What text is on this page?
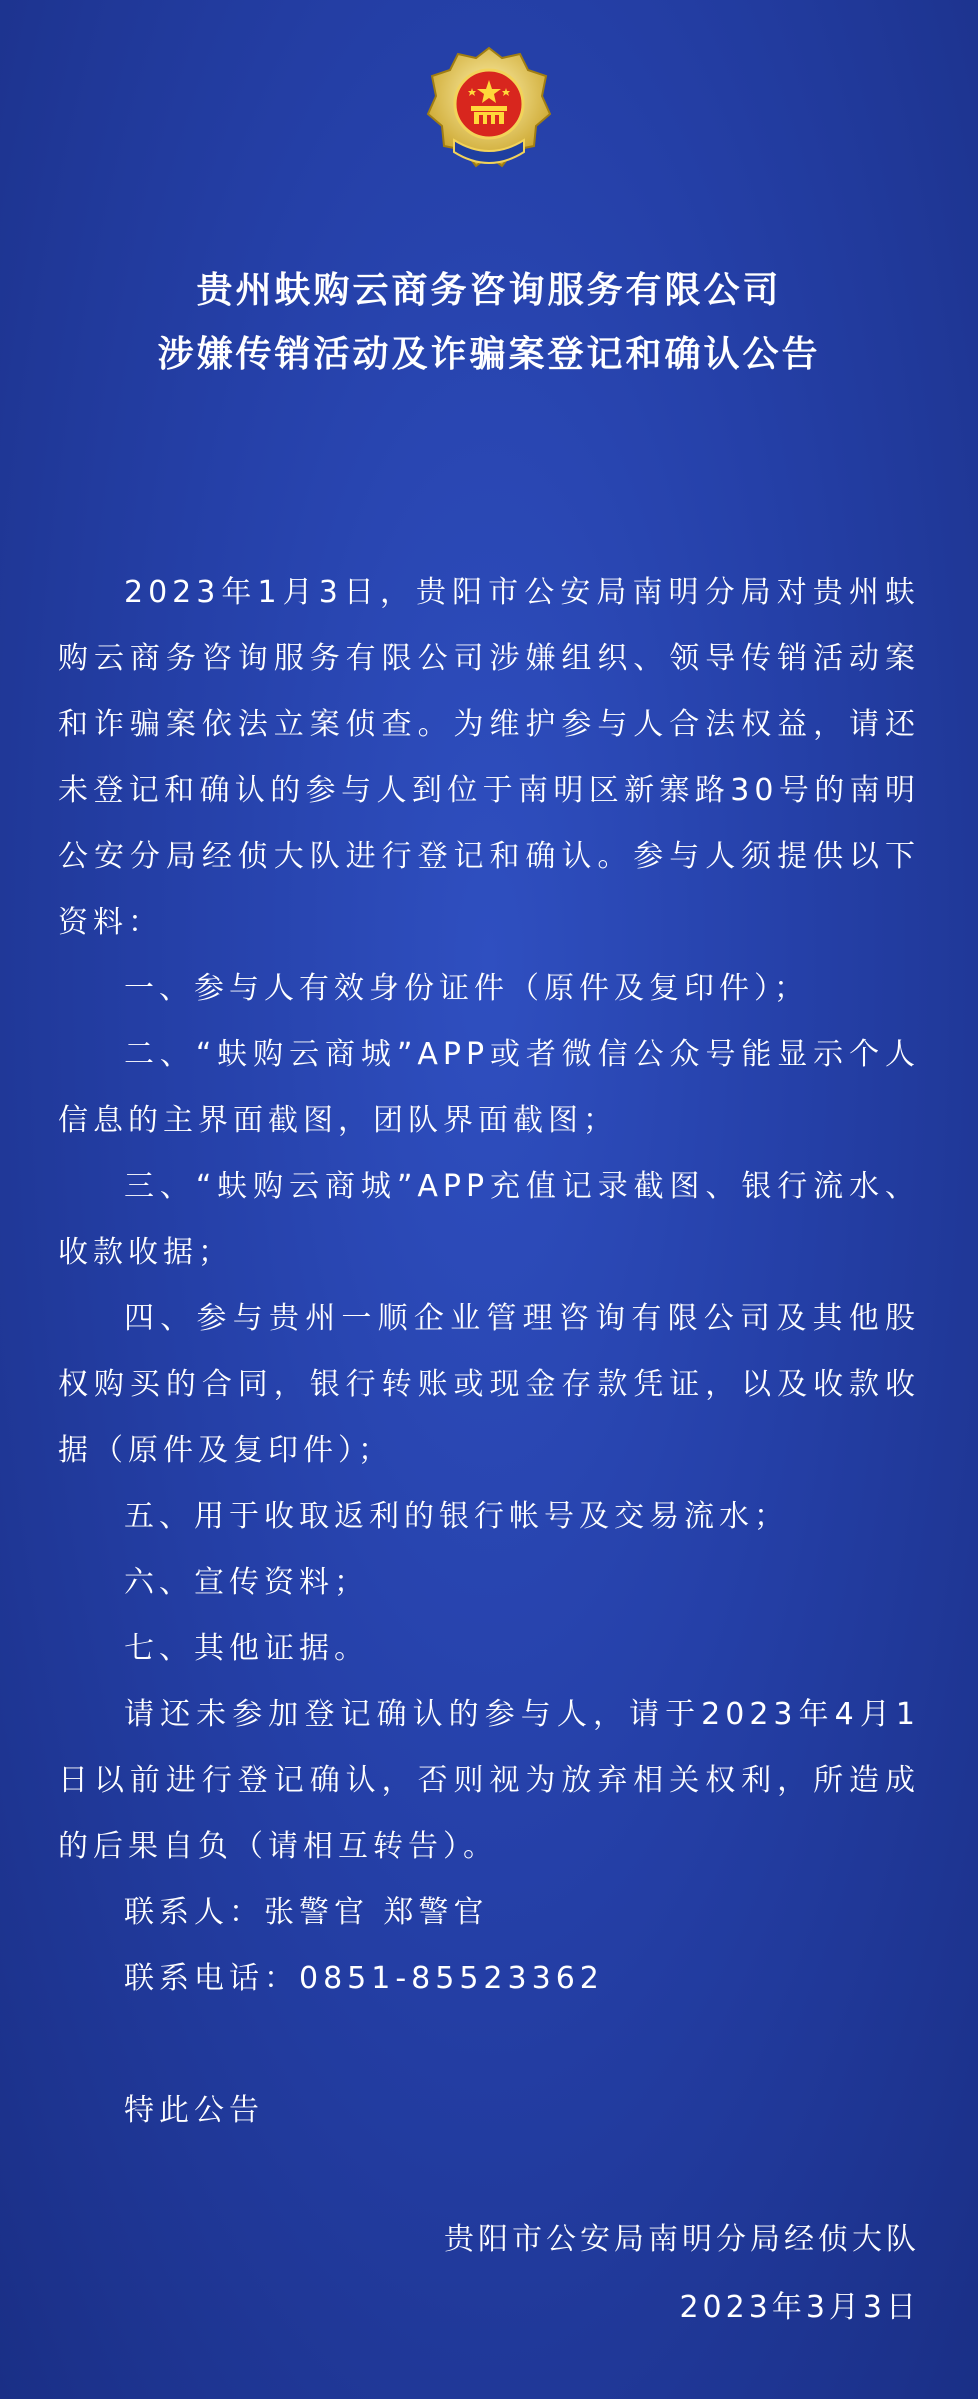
贵州蚨购云商务咨询服务有限公司
涉嫌传销活动及诈骗案登记和确认公告

2023年1月3日，贵阳市公安局南明分局对贵州蚨购云商务咨询服务有限公司涉嫌组织、领导传销活动案和诈骗案依法立案侦查。为维护参与人合法权益，请还未登记和确认的参与人到位于南明区新寨路30号的南明公安分局经侦大队进行登记和确认。参与人须提供以下资料：

一、参与人有效身份证件（原件及复印件）；

二、“蚨购云商城”APP或者微信公众号能显示个人信息的主界面截图，团队界面截图；

三、“蚨购云商城”APP充值记录截图、银行流水、收款收据；

四、参与贵州一顺企业管理咨询有限公司及其他股权购买的合同，银行转账或现金存款凭证，以及收款收据（原件及复印件）；

五、用于收取返利的银行帐号及交易流水；

六、宣传资料；

七、其他证据。

请还未参加登记确认的参与人，请于2023年4月1日以前进行登记确认，否则视为放弃相关权利，所造成的后果自负（请相互转告）。

联系人：张警官 郑警官

联系电话：0851-85523362

特此公告

贵阳市公安局南明分局经侦大队
2023年3月3日
